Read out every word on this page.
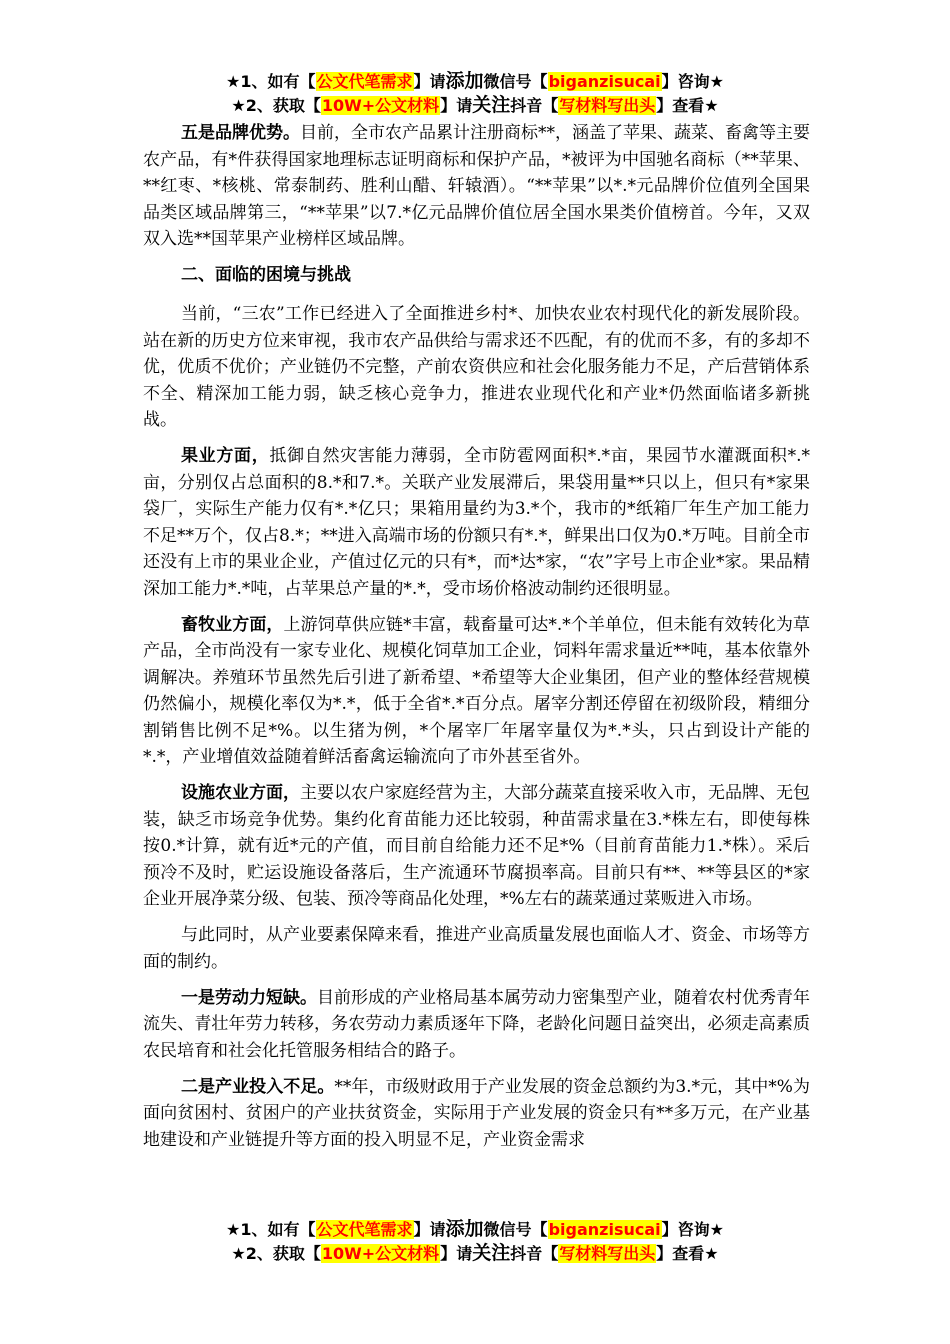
★1、如有【公文代笔需求】请添加微信号【biganzisucai】咨询★
★2、获取【10W+公文材料】请关注抖音【写材料写出头】查看★

五是品牌优势。目前，全市农产品累计注册商标**，涵盖了苹果、蔬菜、畜禽等主要农产品，有*件获得国家地理标志证明商标和保护产品，*被评为中国驰名商标（**苹果、**红枣、*核桃、常泰制药、胜利山醋、轩辕酒）。“**苹果”以*.*元品牌价位值列全国果品类区域品牌第三，“**苹果”以7.*亿元品牌价值位居全国水果类价值榜首。今年，又双双入选**国苹果产业榜样区域品牌。

二、面临的困境与挑战

当前，“三农”工作已经进入了全面推进乡村*、加快农业农村现代化的新发展阶段。站在新的历史方位来审视，我市农产品供给与需求还不匹配，有的优而不多，有的多却不优，优质不优价；产业链仍不完整，产前农资供应和社会化服务能力不足，产后营销体系不全、精深加工能力弱，缺乏核心竞争力，推进农业现代化和产业*仍然面临诸多新挑战。

果业方面，抵御自然灾害能力薄弱，全市防雹网面积*.*亩，果园节水灌溉面积*.*亩，分别仅占总面积的8.*和7.*。关联产业发展滞后，果袋用量**只以上，但只有*家果袋厂，实际生产能力仅有*.*亿只；果箱用量约为3.*个，我市的*纸箱厂年生产加工能力不足**万个，仅占8.*；**进入高端市场的份额只有*.*，鲜果出口仅为0.*万吨。目前全市还没有上市的果业企业，产值过亿元的只有*，而*达*家，“农”字号上市企业*家。果品精深加工能力*.*吨，占苹果总产量的*.*，受市场价格波动制约还很明显。

畜牧业方面，上游饲草供应链*丰富，载畜量可达*.*个羊单位，但未能有效转化为草产品，全市尚没有一家专业化、规模化饲草加工企业，饲料年需求量近**吨，基本依靠外调解决。养殖环节虽然先后引进了新希望、*希望等大企业集团，但产业的整体经营规模仍然偏小，规模化率仅为*.*，低于全省*.*百分点。屠宰分割还停留在初级阶段，精细分割销售比例不足*%。以生猪为例，*个屠宰厂年屠宰量仅为*.*头，只占到设计产能的*.*，产业增值效益随着鲜活畜禽运输流向了市外甚至省外。

设施农业方面，主要以农户家庭经营为主，大部分蔬菜直接采收入市，无品牌、无包装，缺乏市场竞争优势。集约化育苗能力还比较弱，种苗需求量在3.*株左右，即使每株按0.*计算，就有近*元的产值，而目前自给能力还不足*%（目前育苗能力1.*株）。采后预冷不及时，贮运设施设备落后，生产流通环节腐损率高。目前只有**、**等县区的*家企业开展净菜分级、包装、预冷等商品化处理，*%左右的蔬菜通过菜贩进入市场。

与此同时，从产业要素保障来看，推进产业高质量发展也面临人才、资金、市场等方面的制约。

一是劳动力短缺。目前形成的产业格局基本属劳动力密集型产业，随着农村优秀青年流失、青壮年劳力转移，务农劳动力素质逐年下降，老龄化问题日益突出，必须走高素质农民培育和社会化托管服务相结合的路子。

二是产业投入不足。**年，市级财政用于产业发展的资金总额约为3.*元，其中*%为面向贫困村、贫困户的产业扶贫资金，实际用于产业发展的资金只有**多万元，在产业基地建设和产业链提升等方面的投入明显不足，产业资金需求

★1、如有【公文代笔需求】请添加微信号【biganzisucai】咨询★
★2、获取【10W+公文材料】请关注抖音【写材料写出头】查看★
